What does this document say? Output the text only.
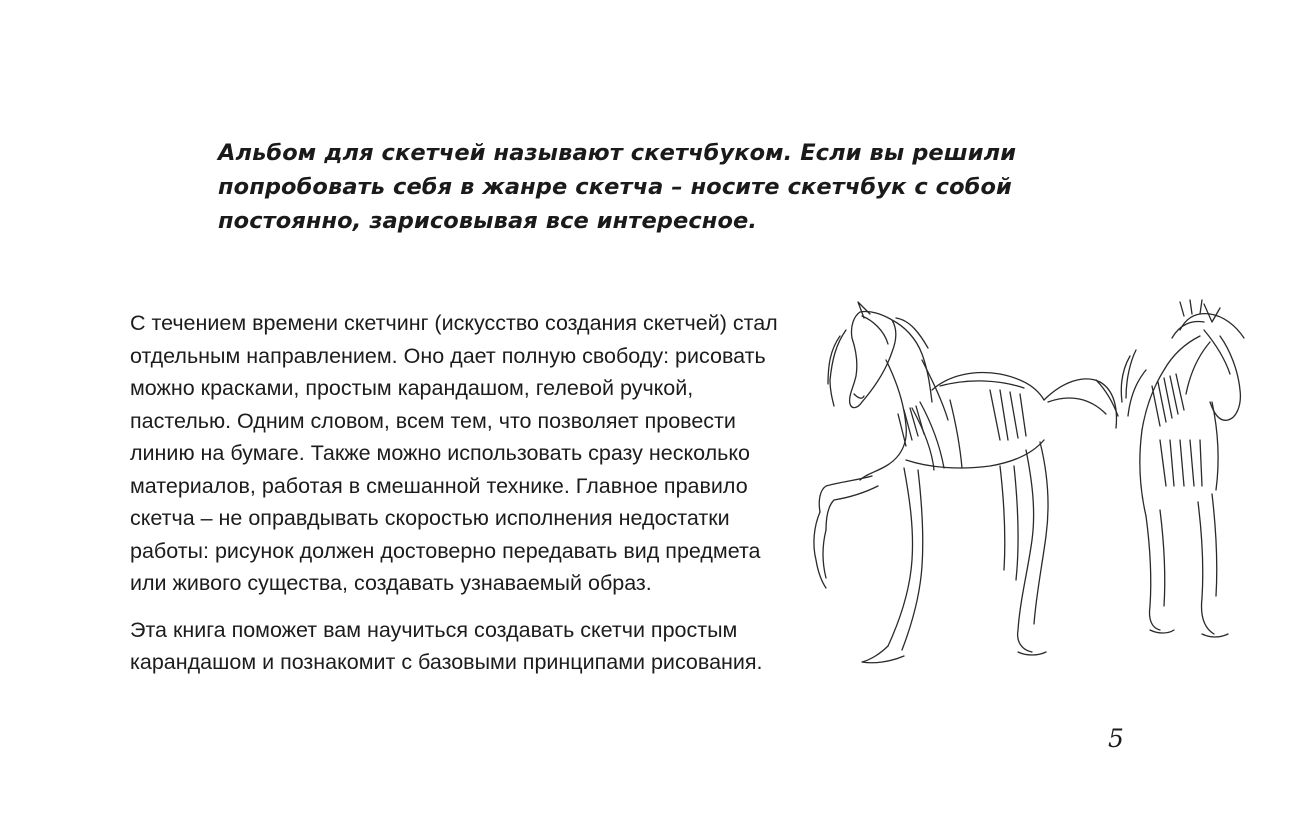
Альбом для скетчей называют скетчбуком. Если вы решили попробовать себя в жанре скетча – носите скетчбук с собой постоянно, зарисовывая все интересное.

С течением времени скетчинг (искусство создания скетчей) стал отдельным направлением. Оно дает полную свободу: рисовать можно красками, простым карандашом, гелевой ручкой, пастелью. Одним словом, всем тем, что позволяет провести линию на бумаге. Также можно использовать сразу несколько материалов, работая в смешанной технике. Главное правило скетча – не оправдывать скоростью исполнения недостатки работы: рисунок должен достоверно передавать вид предмета или живого существа, создавать узнаваемый образ.

Эта книга поможет вам научиться создавать скетчи простым карандашом и познакомит с базовыми принципами рисования.

5
